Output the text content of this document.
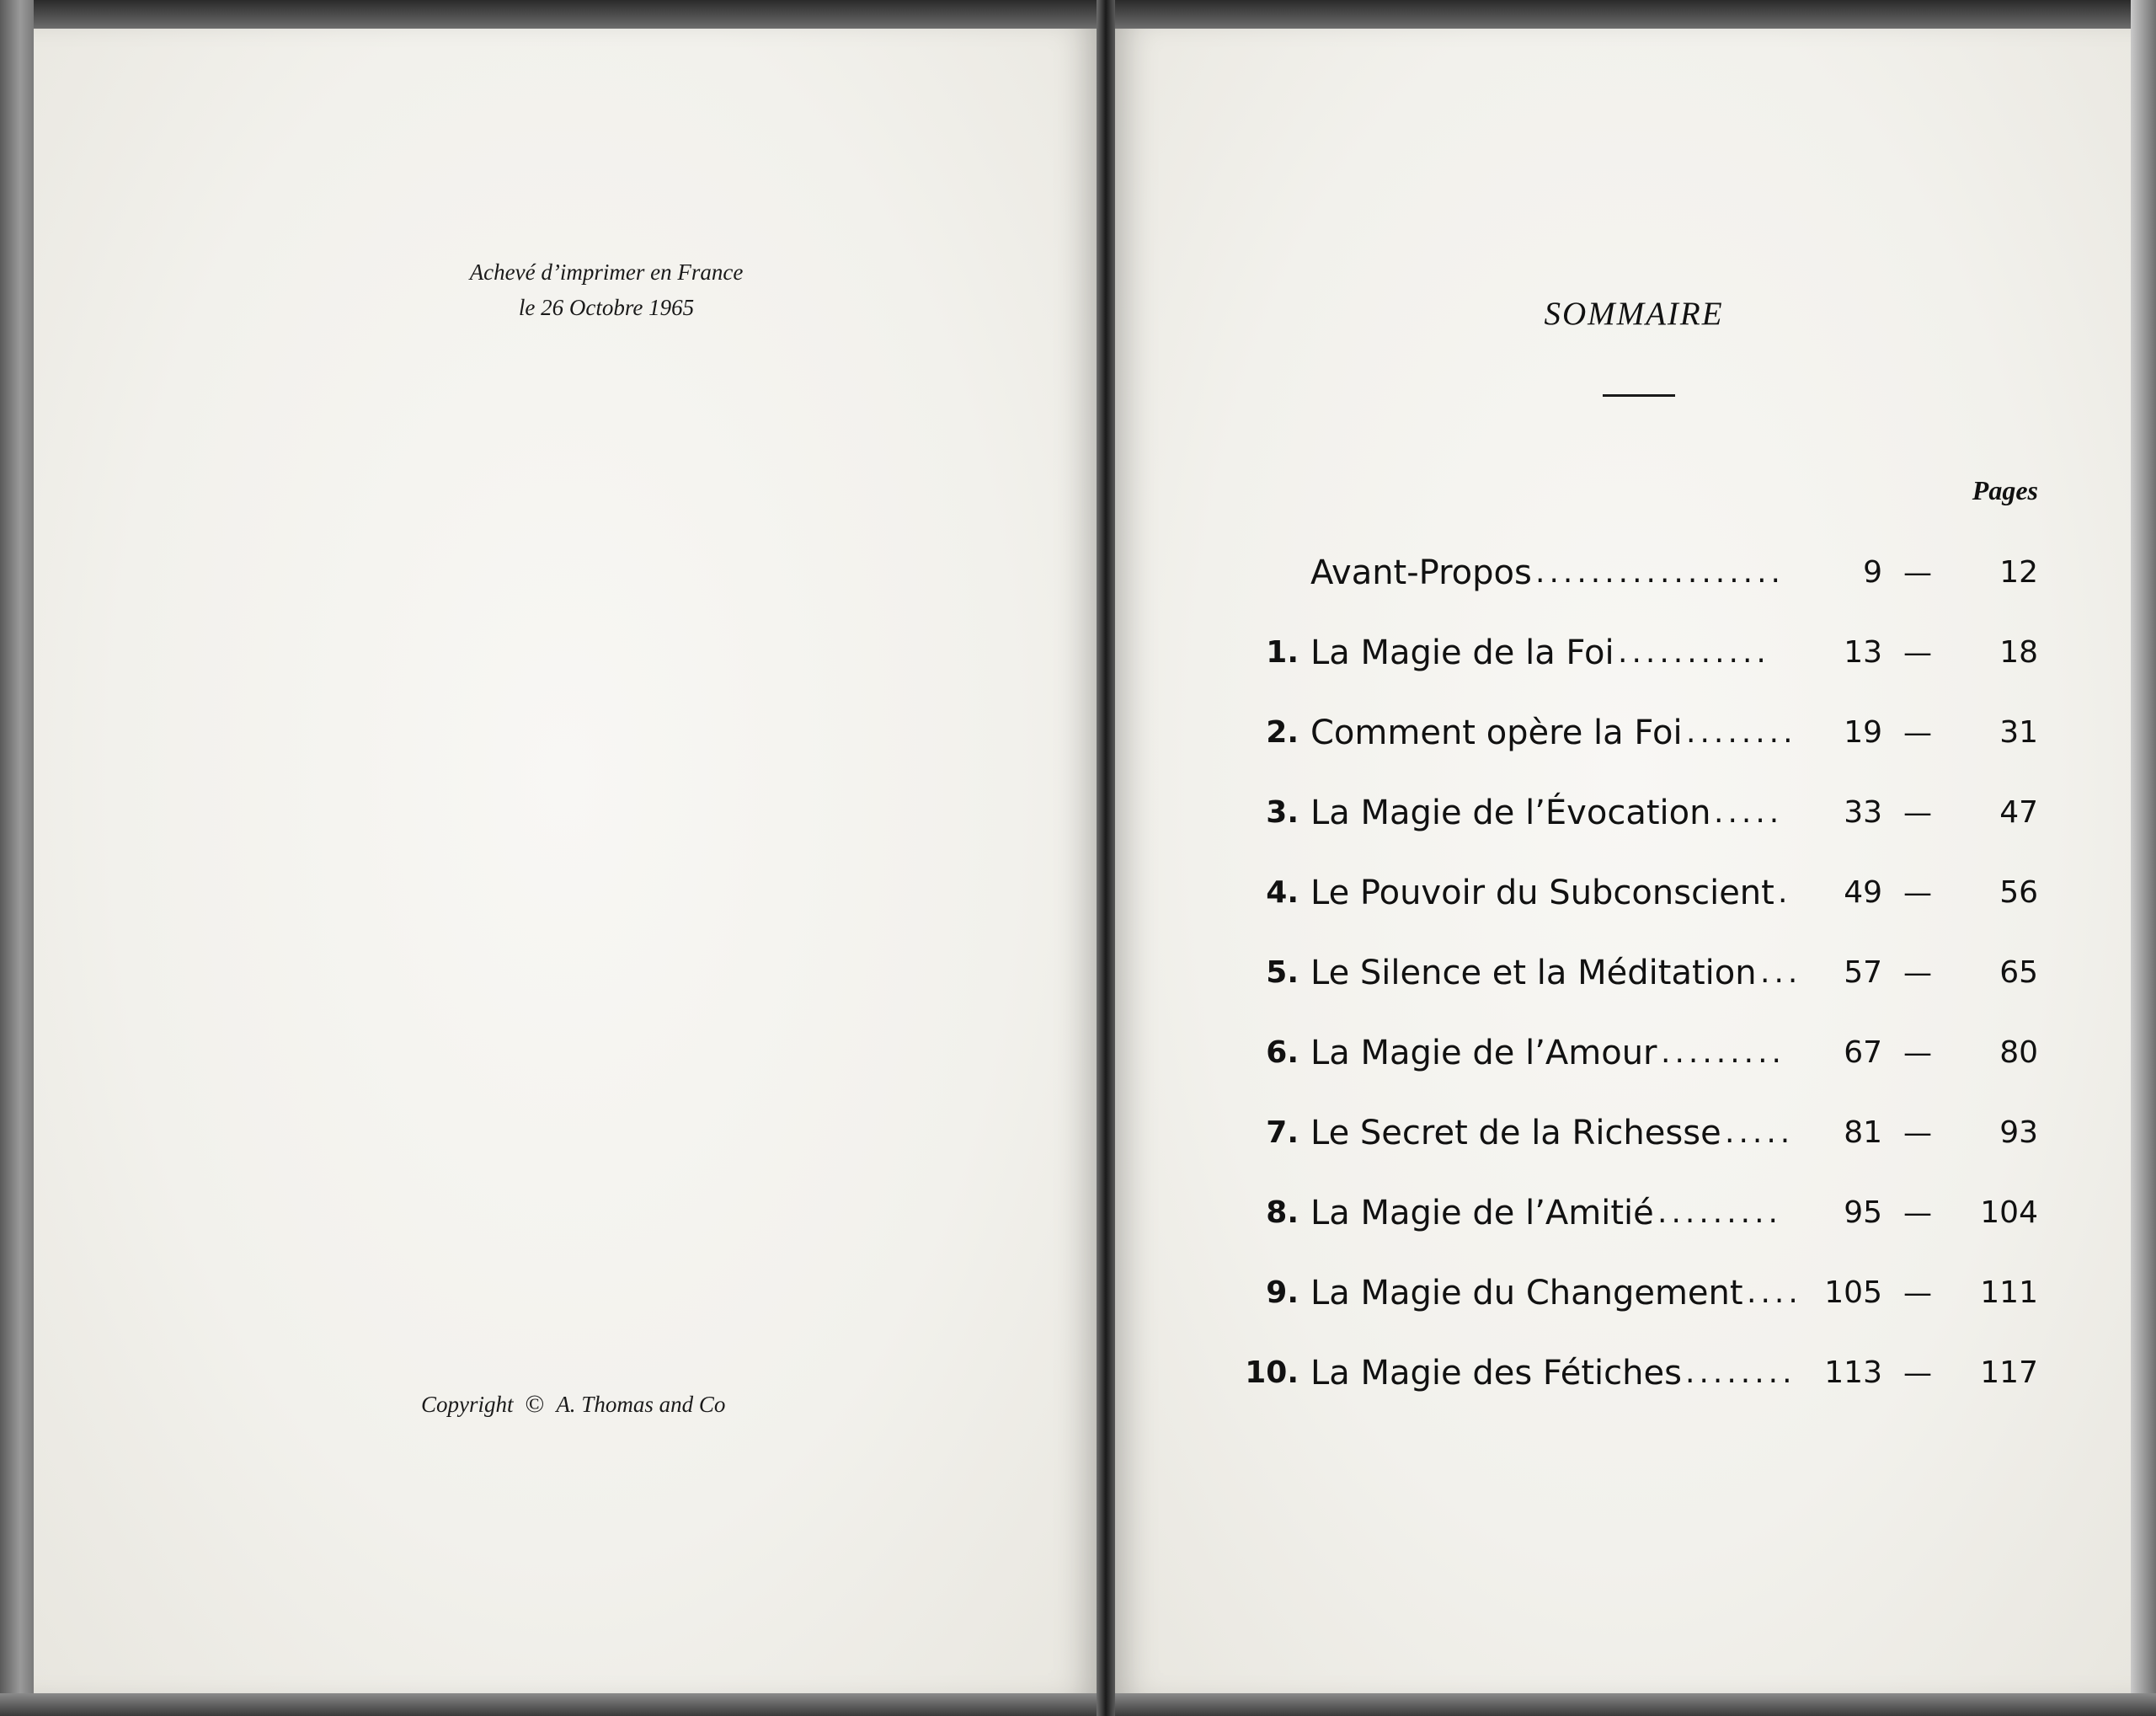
Achevé d’imprimer en France
le 26 Octobre 1965
Copyright © A. Thomas and Co
SOMMAIRE
Pages
Avant-Propos ..................	9 —	12
1. La Magie de la Foi ...........	13 —	18
2. Comment opère la Foi ........	19 —	31
3. La Magie de l’Évocation .....	33 —	47
4. Le Pouvoir du Subconscient .	49 —	56
5. Le Silence et la Méditation ...	57 —	65
6. La Magie de l’Amour .........	67 —	80
7. Le Secret de la Richesse .....	81 —	93
8. La Magie de l’Amitié .........	95 —	104
9. La Magie du Changement .... 105 —	111
10. La Magie des Fétiches ........ 113 —	117
